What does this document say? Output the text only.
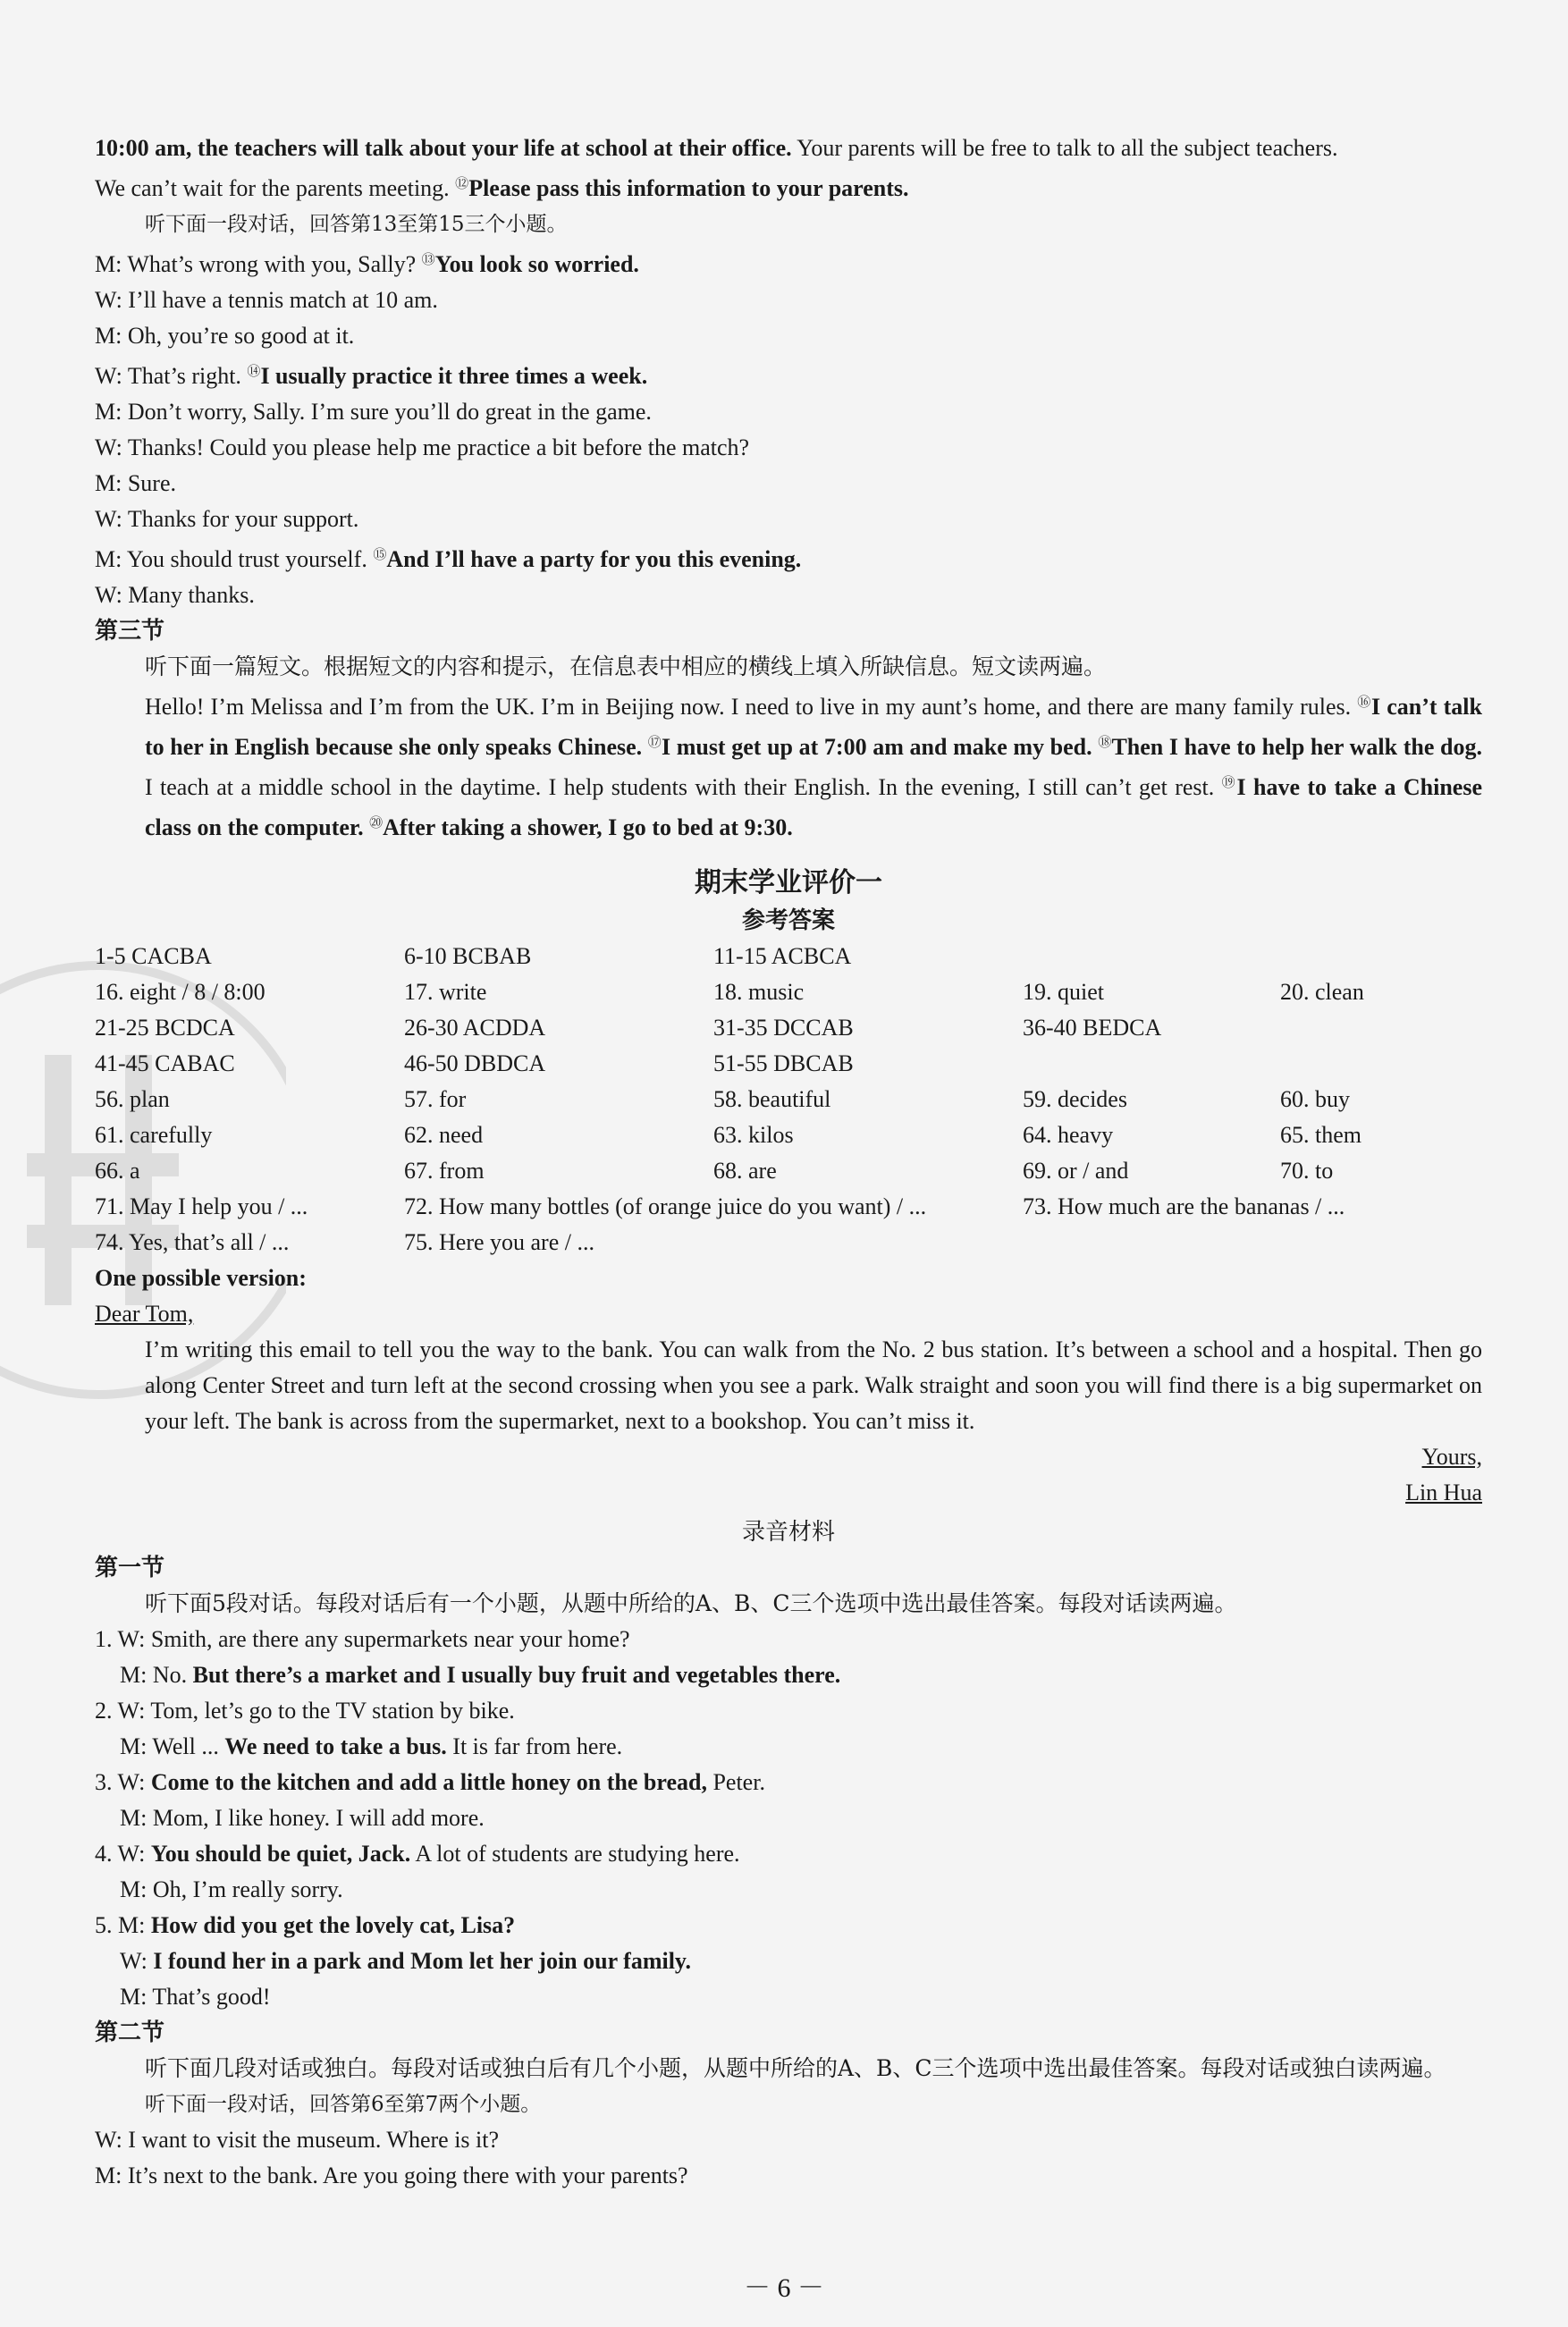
10:00 am, the teachers will talk about your life at school at their office. Your parents will be free to talk to all the subject teachers.
We can’t wait for the parents meeting. ⑫Please pass this information to your parents.
听下面一段对话，回答第13至第15三个小题。
M: What’s wrong with you, Sally? ⑬You look so worried.
W: I’ll have a tennis match at 10 am.
M: Oh, you’re so good at it.
W: That’s right. ⑭I usually practice it three times a week.
M: Don’t worry, Sally. I’m sure you’ll do great in the game.
W: Thanks! Could you please help me practice a bit before the match?
M: Sure.
W: Thanks for your support.
M: You should trust yourself. ⑮And I’ll have a party for you this evening.
W: Many thanks.
第三节
听下面一篇短文。根据短文的内容和提示，在信息表中相应的横线上填入所缺信息。短文读两遍。
Hello! I’m Melissa and I’m from the UK. I’m in Beijing now. I need to live in my aunt’s home, and there are many family rules. ⑯I can’t talk to her in English because she only speaks Chinese. ⑰I must get up at 7:00 am and make my bed. ⑱Then I have to help her walk the dog. I teach at a middle school in the daytime. I help students with their English. In the evening, I still can’t get rest. ⑲I have to take a Chinese class on the computer. ⑳After taking a shower, I go to bed at 9:30.
期末学业评价一
参考答案
1-5 CACBA	6-10 BCBAB	11-15 ACBCA
16. eight / 8 / 8:00	17. write	18. music	19. quiet	20. clean
21-25 BCDCA	26-30 ACDDA	31-35 DCCAB	36-40 BEDCA
41-45 CABAC	46-50 DBDCA	51-55 DBCAB
56. plan	57. for	58. beautiful	59. decides	60. buy
61. carefully	62. need	63. kilos	64. heavy	65. them
66. a	67. from	68. are	69. or / and	70. to
71. May I help you / ...	72. How many bottles (of orange juice do you want) / ...	73. How much are the bananas / ...
74. Yes, that’s all / ...	75. Here you are / ...
One possible version:
Dear Tom,
I’m writing this email to tell you the way to the bank. You can walk from the No. 2 bus station. It’s between a school and a hospital. Then go along Center Street and turn left at the second crossing when you see a park. Walk straight and soon you will find there is a big supermarket on your left. The bank is across from the supermarket, next to a bookshop. You can’t miss it.
Yours,
Lin Hua
录音材料
第一节
听下面5段对话。每段对话后有一个小题，从题中所给的A、B、C三个选项中选出最佳答案。每段对话读两遍。
1. W: Smith, are there any supermarkets near your home?
M: No. But there’s a market and I usually buy fruit and vegetables there.
2. W: Tom, let’s go to the TV station by bike.
M: Well ... We need to take a bus. It is far from here.
3. W: Come to the kitchen and add a little honey on the bread, Peter.
M: Mom, I like honey. I will add more.
4. W: You should be quiet, Jack. A lot of students are studying here.
M: Oh, I’m really sorry.
5. M: How did you get the lovely cat, Lisa?
W: I found her in a park and Mom let her join our family.
M: That’s good!
第二节
听下面几段对话或独白。每段对话或独白后有几个小题，从题中所给的A、B、C三个选项中选出最佳答案。每段对话或独白读两遍。
听下面一段对话，回答第6至第7两个小题。
W: I want to visit the museum. Where is it?
M: It’s next to the bank. Are you going there with your parents?
－ 6 －
